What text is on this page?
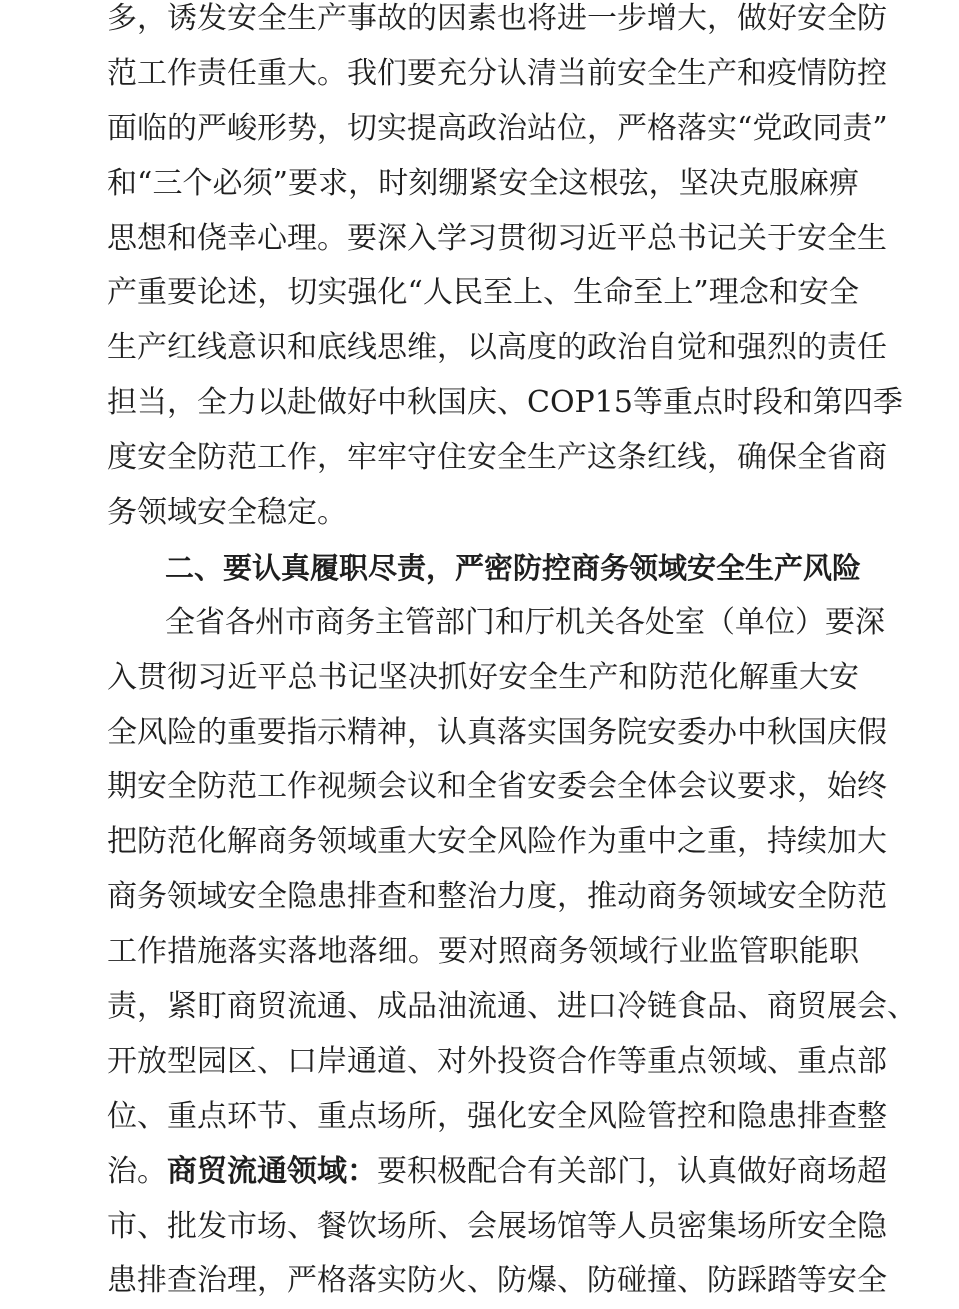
多，诱发安全生产事故的因素也将进一步增大，做好安全防
范工作责任重大。我们要充分认清当前安全生产和疫情防控
面临的严峻形势，切实提高政治站位，严格落实“党政同责”
和“三个必须”要求，时刻绷紧安全这根弦，坚决克服麻痹
思想和侥幸心理。要深入学习贯彻习近平总书记关于安全生
产重要论述，切实强化“人民至上、生命至上”理念和安全
生产红线意识和底线思维，以高度的政治自觉和强烈的责任
担当，全力以赴做好中秋国庆、COP15等重点时段和第四季
度安全防范工作，牢牢守住安全生产这条红线，确保全省商
务领域安全稳定。
二、要认真履职尽责，严密防控商务领域安全生产风险
全省各州市商务主管部门和厅机关各处室（单位）要深
入贯彻习近平总书记坚决抓好安全生产和防范化解重大安
全风险的重要指示精神，认真落实国务院安委办中秋国庆假
期安全防范工作视频会议和全省安委会全体会议要求，始终
把防范化解商务领域重大安全风险作为重中之重，持续加大
商务领域安全隐患排查和整治力度，推动商务领域安全防范
工作措施落实落地落细。要对照商务领域行业监管职能职
责，紧盯商贸流通、成品油流通、进口冷链食品、商贸展会、
开放型园区、口岸通道、对外投资合作等重点领域、重点部
位、重点环节、重点场所，强化安全风险管控和隐患排查整
治。商贸流通领域：要积极配合有关部门，认真做好商场超
市、批发市场、餐饮场所、会展场馆等人员密集场所安全隐
患排查治理，严格落实防火、防爆、防碰撞、防踩踏等安全
